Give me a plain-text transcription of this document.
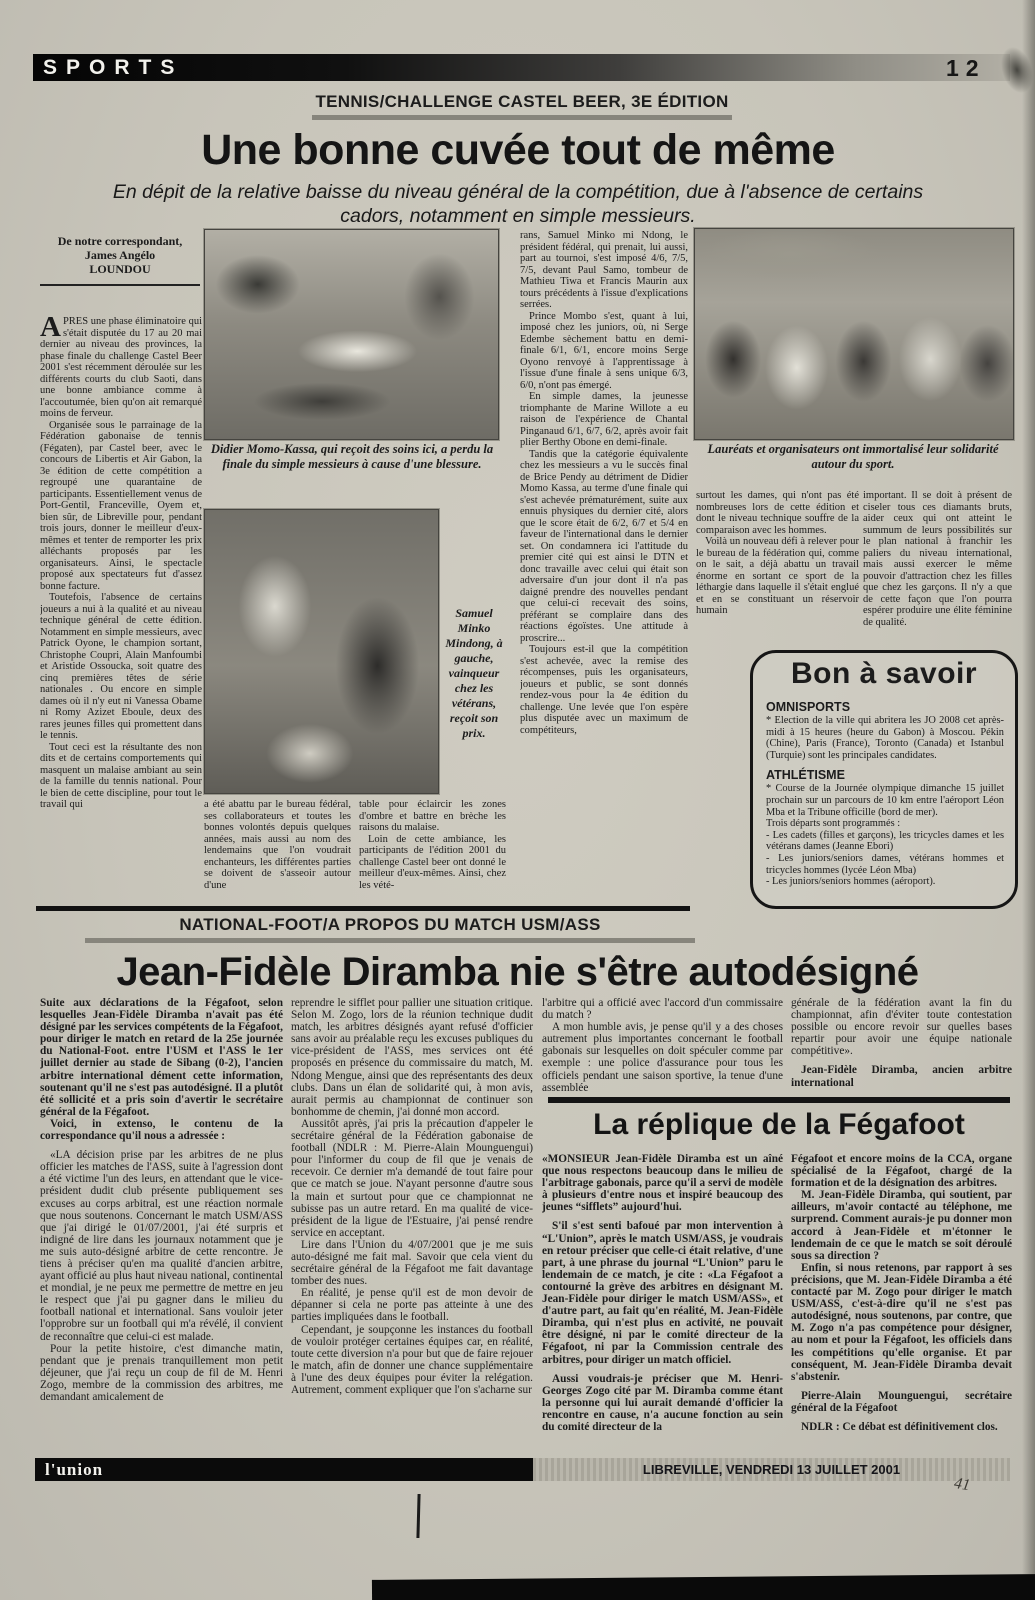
SPORTS	12
TENNIS/CHALLENGE CASTEL BEER, 3E ÉDITION
Une bonne cuvée tout de même
En dépit de la relative baisse du niveau général de la compétition, due à l'absence de certains cadors, notamment en simple messieurs.
De notre correspondant,
James Angélo
LOUNDOU

APRES une phase éliminatoire qui s'était disputée du 17 au 20 mai dernier au niveau des provinces, la phase finale du challenge Castel Beer 2001 s'est récemment déroulée sur les différents courts du club Saoti, dans une bonne ambiance comme à l'accoutumée, bien qu'on ait remarqué moins de ferveur.

Organisée sous le parrainage de la Fédération gabonaise de tennis (Fégaten), par Castel beer, avec le concours de Libertis et Air Gabon, la 3e édition de cette compétition a regroupé une quarantaine de participants. Essentiellement venus de Port-Gentil, Franceville, Oyem et, bien sûr, de Libreville pour, pendant trois jours, donner le meilleur d'eux-mêmes et tenter de remporter les prix alléchants proposés par les organisateurs. Ainsi, le spectacle proposé aux spectateurs fut d'assez bonne facture.

Toutefois, l'absence de certains joueurs a nui à la qualité et au niveau technique général de cette édition. Notamment en simple messieurs, avec Patrick Oyone, le champion sortant, Christophe Coupri, Alain Manfoumbi et Aristide Ossoucka, soit quatre des cinq premières têtes de série nationales . Ou encore en simple dames où il n'y eut ni Vanessa Obame ni Romy Azizet Eboule, deux des rares jeunes filles qui promettent dans le tennis.

Tout ceci est la résultante des non dits et de certains comportements qui masquent un malaise ambiant au sein de la famille du tennis national. Pour le bien de cette discipline, pour tout le travail qui

Didier Momo-Kassa, qui reçoit des soins ici, a perdu la finale du simple messieurs à cause d'une blessure.
Samuel Minko Mindong, à gauche, vainqueur chez les vétérans, reçoit son prix.

a été abattu par le bureau fédéral, ses collaborateurs et toutes les bonnes volontés depuis quelques années, mais aussi au nom des lendemains que l'on voudrait enchanteurs, les différentes parties se doivent de s'asseoir autour d'une

table pour éclaircir les zones d'ombre et battre en brèche les raisons du malaise.

Loin de cette ambiance, les participants de l'édition 2001 du challenge Castel beer ont donné le meilleur d'eux-mêmes. Ainsi, chez les vété-

rans, Samuel Minko mi Ndong, le président fédéral, qui prenait, lui aussi, part au tournoi, s'est imposé 4/6, 7/5, 7/5, devant Paul Samo, tombeur de Mathieu Tiwa et Francis Maurin aux tours précédents à l'issue d'explications serrées.

Prince Mombo s'est, quant à lui, imposé chez les juniors, où, ni Serge Edembe sèchement battu en demi-finale 6/1, 6/1, encore moins Serge Oyono renvoyé à l'apprentissage à l'issue d'une finale à sens unique 6/3, 6/0, n'ont pas émergé.

En simple dames, la jeunesse triomphante de Marine Willote a eu raison de l'expérience de Chantal Pinganaud 6/1, 6/7, 6/2, après avoir fait plier Berthy Obone en demi-finale.

Tandis que la catégorie équivalente chez les messieurs a vu le succès final de Brice Pendy au détriment de Didier Momo Kassa, au terme d'une finale qui s'est achevée prématurément, suite aux ennuis physiques du dernier cité, alors que le score était de 6/2, 6/7 et 5/4 en faveur de l'international dans le dernier set. On condamnera ici l'attitude du premier cité qui est ainsi le DTN et donc travaille avec celui qui était son adversaire d'un jour dont il n'a pas daigné prendre des nouvelles pendant que celui-ci recevait des soins, préférant se complaire dans des réactions égoïstes. Une attitude à proscrire...

Toujours est-il que la compétition s'est achevée, avec la remise des récompenses, puis les organisateurs, joueurs et public, se sont donnés rendez-vous pour la 4e édition du challenge. Une levée que l'on espère plus disputée avec un maximum de compétiteurs,

Lauréats et organisateurs ont immortalisé leur solidarité autour du sport.

surtout les dames, qui n'ont pas été nombreuses lors de cette édition et dont le niveau technique souffre de la comparaison avec les hommes.

Voilà un nouveau défi à relever pour le bureau de la fédération qui, comme on le sait, a déjà abattu un travail énorme en sortant ce sport de la léthargie dans laquelle il s'était englué et en se constituant un réservoir humain

important. Il se doit à présent de ciseler tous ces diamants bruts, aider ceux qui ont atteint le summum de leurs possibilités sur le plan national à franchir les paliers du niveau international, mais aussi exercer le même pouvoir d'attraction chez les filles que chez les garçons. Il n'y a que de cette façon que l'on pourra espérer produire une élite féminine de qualité.

Bon à savoir
OMNISPORTS

* Election de la ville qui abritera les JO 2008 cet après-midi à 15 heures (heure du Gabon) à Moscou. Pékin (Chine), Paris (France), Toronto (Canada) et Istanbul (Turquie) sont les principales candidates.

ATHLÉTISME

* Course de la Journée olympique dimanche 15 juillet prochain sur un parcours de 10 km entre l'aéroport Léon Mba et la Tribune officille (bord de mer).

Trois départs sont programmés :

- Les cadets (filles et garçons), les tricycles dames et les vétérans dames (Jeanne Ebori)

- Les juniors/seniors dames, vétérans hommes et tricycles hommes (lycée Léon Mba)

- Les juniors/seniors hommes (aéroport).

NATIONAL-FOOT/A PROPOS DU MATCH USM/ASS
Jean-Fidèle Diramba nie s'être autodésigné

Suite aux déclarations de la Fégafoot, selon lesquelles Jean-Fidèle Diramba n'avait pas été désigné par les services compétents de la Fégafoot, pour diriger le match en retard de la 25e journée du National-Foot. entre l'USM et l'ASS le 1er juillet dernier au stade de Sibang (0-2), l'ancien arbitre international dément cette information, soutenant qu'il ne s'est pas autodésigné. Il a plutôt été sollicité et a pris soin d'avertir le secrétaire général de la Fégafoot.

Voici, in extenso, le contenu de la correspondance qu'il nous a adressée :

«LA décision prise par les arbitres de ne plus officier les matches de l'ASS, suite à l'agression dont a été victime l'un des leurs, en attendant que le vice-président dudit club présente publiquement ses excuses au corps arbitral, est une réaction normale que nous soutenons. Concernant le match USM/ASS que j'ai dirigé le 01/07/2001, j'ai été surpris et indigné de lire dans les journaux notamment que je me suis auto-désigné arbitre de cette rencontre. Je tiens à préciser qu'en ma qualité d'ancien arbitre, ayant officié au plus haut niveau national, continental et mondial, je ne peux me permettre de mettre en jeu le respect que j'ai pu gagner dans le milieu du football national et international. Sans vouloir jeter l'opprobre sur un football qui m'a révélé, il convient de reconnaître que celui-ci est malade.

Pour la petite histoire, c'est dimanche matin, pendant que je prenais tranquillement mon petit déjeuner, que j'ai reçu un coup de fil de M. Henri Zogo, membre de la commission des arbitres, me demandant amicalement de

reprendre le sifflet pour pallier une situation critique. Selon M. Zogo, lors de la réunion technique dudit match, les arbitres désignés ayant refusé d'officier sans avoir au préalable reçu les excuses publiques du vice-président de l'ASS, mes services ont été proposés en présence du commissaire du match, M. Ndong Mengue, ainsi que des représentants des deux clubs. Dans un élan de solidarité qui, à mon avis, aurait permis au championnat de continuer son bonhomme de chemin, j'ai donné mon accord.

Aussitôt après, j'ai pris la précaution d'appeler le secrétaire général de la Fédération gabonaise de football (NDLR : M. Pierre-Alain Mounguengui) pour l'informer du coup de fil que je venais de recevoir. Ce dernier m'a demandé de tout faire pour que ce match se joue. N'ayant personne d'autre sous la main et surtout pour que ce championnat ne subisse pas un autre retard. En ma qualité de vice-président de la ligue de l'Estuaire, j'ai pensé rendre service en acceptant.

Lire dans l'Union du 4/07/2001 que je me suis auto-désigné me fait mal. Savoir que cela vient du secrétaire général de la Fégafoot me fait davantage tomber des nues.

En réalité, je pense qu'il est de mon devoir de dépanner si cela ne porte pas atteinte à une des parties impliquées dans le football.

Cependant, je soupçonne les instances du football de vouloir protéger certaines équipes car, en réalité, toute cette diversion n'a pour but que de faire rejouer le match, afin de donner une chance supplémentaire à l'une des deux équipes pour éviter la relégation. Autrement, comment expliquer que l'on s'acharne sur

l'arbitre qui a officié avec l'accord d'un commissaire du match ?

A mon humble avis, je pense qu'il y a des choses autrement plus importantes concernant le football gabonais sur lesquelles on doit spéculer comme par exemple : une police d'assurance pour tous les officiels pendant une saison sportive, la tenue d'une assemblée

générale de la fédération avant la fin du championnat, afin d'éviter toute contestation possible ou encore revoir sur quelles bases repartir pour avoir une équipe nationale compétitive».

Jean-Fidèle Diramba, ancien arbitre international

La réplique de la Fégafoot

«MONSIEUR Jean-Fidèle Diramba est un aîné que nous respectons beaucoup dans le milieu de l'arbitrage gabonais, parce qu'il a servi de modèle à plusieurs d'entre nous et inspiré beaucoup des jeunes “sifflets” aujourd'hui.

S'il s'est senti bafoué par mon intervention à “L'Union”, après le match USM/ASS, je voudrais en retour préciser que celle-ci était relative, d'une part, à une phrase du journal “L'Union” paru le lendemain de ce match, je cite : «La Fégafoot a contourné la grève des arbitres en désignant M. Jean-Fidèle pour diriger le match USM/ASS», et d'autre part, au fait qu'en réalité, M. Jean-Fidèle Diramba, qui n'est plus en activité, ne pouvait être désigné, ni par le comité directeur de la Fégafoot, ni par la Commission centrale des arbitres, pour diriger un match officiel.

Aussi voudrais-je préciser que M. Henri-Georges Zogo cité par M. Diramba comme étant la personne qui lui aurait demandé d'officier la rencontre en cause, n'a aucune fonction au sein du comité directeur de la

Fégafoot et encore moins de la CCA, organe spécialisé de la Fégafoot, chargé de la formation et de la désignation des arbitres.

M. Jean-Fidèle Diramba, qui soutient, par ailleurs, m'avoir contacté au téléphone, me surprend. Comment aurais-je pu donner mon accord à Jean-Fidèle et m'étonner le lendemain de ce que le match se soit déroulé sous sa direction ?

Enfin, si nous retenons, par rapport à ses précisions, que M. Jean-Fidèle Diramba a été contacté par M. Zogo pour diriger le match USM/ASS, c'est-à-dire qu'il ne s'est pas autodésigné, nous soutenons, par contre, que M. Zogo n'a pas compétence pour désigner, au nom et pour la Fégafoot, les officiels dans les compétitions qu'elle organise. Et par conséquent, M. Jean-Fidèle Diramba devait s'abstenir.

Pierre-Alain Mounguengui, secrétaire général de la Fégafoot

NDLR : Ce débat est définitivement clos.

l'union	LIBREVILLE, VENDREDI 13 JUILLET 2001
41
